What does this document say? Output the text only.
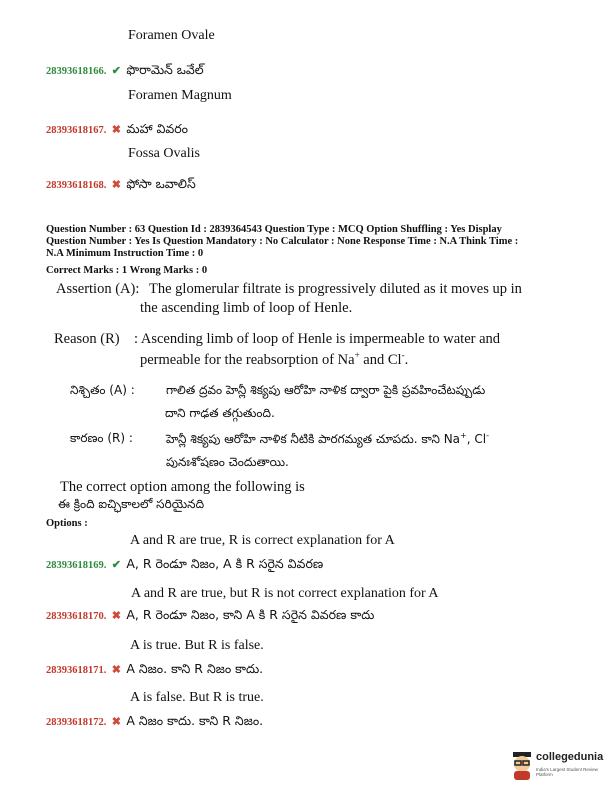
Foramen Ovale
28393618166. ✔ ఫొరామెన్ ఒవేల్
Foramen Magnum
28393618167. ✖ మహా వివరం
Fossa Ovalis
28393618168. ✖ ఫోసా ఒవాలిస్
Question Number : 63 Question Id : 2839364543 Question Type : MCQ Option Shuffling : Yes Display
Question Number : Yes Is Question Mandatory : No Calculator : None Response Time : N.A Think Time :
N.A Minimum Instruction Time : 0
Correct Marks : 1 Wrong Marks : 0
Assertion (A): The glomerular filtrate is progressively diluted as it moves up in
the ascending limb of loop of Henle.
Reason (R) : Ascending limb of loop of Henle is impermeable to water and
permeable for the reabsorption of Na+ and Cl-.
నిశ్చితం (A) :	గాలిత ద్రవం హెన్లీ శిక్యపు ఆరోహి నాళిక ద్వారా పైకి ప్రవహించేటప్పుడు
దాని గాఢత తగ్గుతుంది.
కారణం (R) :	హెన్లీ శిక్యపు ఆరోహి నాళిక నీటికి పారగమ్యత చూపదు. కాని Na+, Cl-
పునఃశోషణం చెందుతాయి.
The correct option among the following is
ఈ క్రింది ఐచ్ఛికాలలో సరియైనది
Options :
A and R are true, R is correct explanation for A
28393618169. ✔ A, R రెండూ నిజం, A కి R సరైన వివరణ
A and R are true, but R is not correct explanation for A
28393618170. ✖ A, R రెండూ నిజం, కాని A కి R సరైన వివరణ కాదు
A is true. But R is false.
28393618171. ✖ A నిజం. కాని R నిజం కాదు.
A is false. But R is true.
28393618172. ✖ A నిజం కాదు. కాని R నిజం.
collegedunia
India's Largest Student Review Platform
